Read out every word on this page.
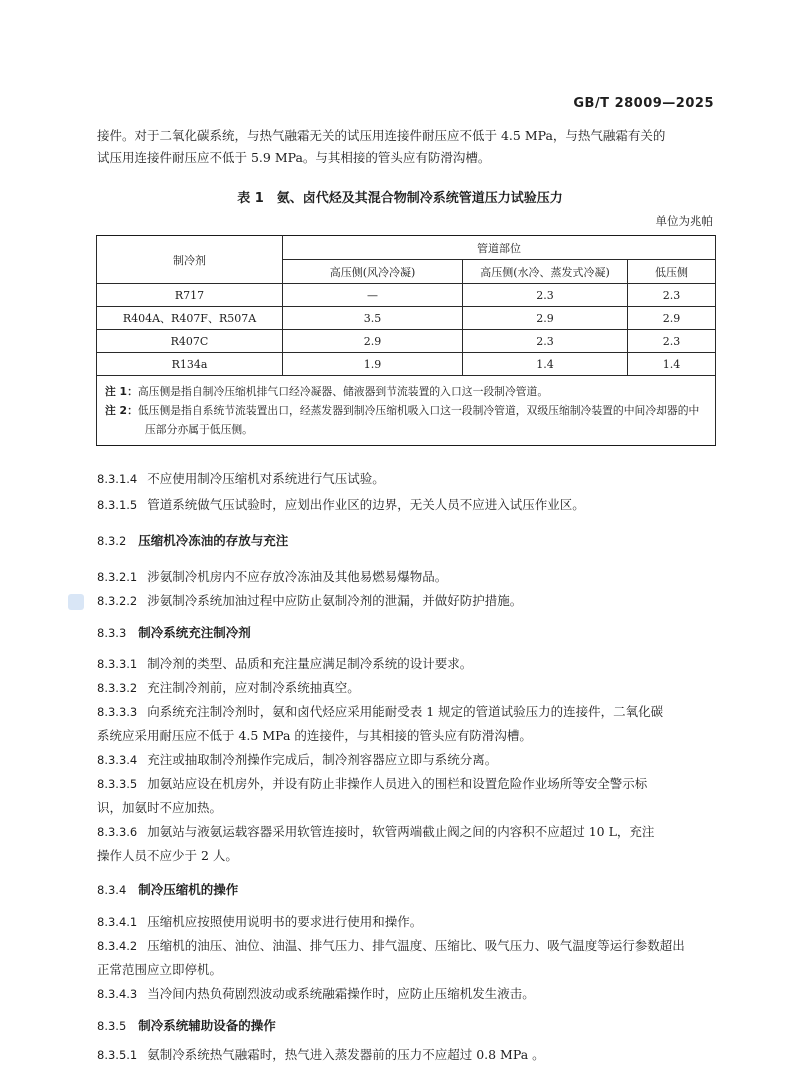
GB/T 28009—2025
接件。对于二氧化碳系统，与热气融霜无关的试压用连接件耐压应不低于 4.5 MPa，与热气融霜有关的
试压用连接件耐压应不低于 5.9 MPa。与其相接的管头应有防滑沟槽。
表 1　氨、卤代烃及其混合物制冷系统管道压力试验压力
单位为兆帕
制冷剂	管道部位		
	高压侧(风冷冷凝)	高压侧(水冷、蒸发式冷凝)	低压侧
R717	—	2.3	2.3
R404A、R407F、R507A	3.5	2.9	2.9
R407C	2.9	2.3	2.3
R134a	1.9	1.4	1.4

注 1：高压侧是指自制冷压缩机排气口经冷凝器、储液器到节流装置的入口这一段制冷管道。
注 2：低压侧是指自系统节流装置出口，经蒸发器到制冷压缩机吸入口这一段制冷管道，双级压缩制冷装置的中间冷却器的中压部分亦属于低压侧。			
8.3.1.4 不应使用制冷压缩机对系统进行气压试验。
8.3.1.5 管道系统做气压试验时，应划出作业区的边界，无关人员不应进入试压作业区。
8.3.2 压缩机冷冻油的存放与充注
8.3.2.1 涉氨制冷机房内不应存放冷冻油及其他易燃易爆物品。
8.3.2.2 涉氨制冷系统加油过程中应防止氨制冷剂的泄漏，并做好防护措施。
8.3.3 制冷系统充注制冷剂
8.3.3.1 制冷剂的类型、品质和充注量应满足制冷系统的设计要求。
8.3.3.2 充注制冷剂前，应对制冷系统抽真空。
8.3.3.3 向系统充注制冷剂时，氨和卤代烃应采用能耐受表 1 规定的管道试验压力的连接件，二氧化碳
系统应采用耐压应不低于 4.5 MPa 的连接件，与其相接的管头应有防滑沟槽。
8.3.3.4 充注或抽取制冷剂操作完成后，制冷剂容器应立即与系统分离。
8.3.3.5 加氨站应设在机房外，并设有防止非操作人员进入的围栏和设置危险作业场所等安全警示标
识，加氨时不应加热。
8.3.3.6 加氨站与液氨运载容器采用软管连接时，软管两端截止阀之间的内容积不应超过 10 L，充注
操作人员不应少于 2 人。
8.3.4 制冷压缩机的操作
8.3.4.1 压缩机应按照使用说明书的要求进行使用和操作。
8.3.4.2 压缩机的油压、油位、油温、排气压力、排气温度、压缩比、吸气压力、吸气温度等运行参数超出
正常范围应立即停机。
8.3.4.3 当冷间内热负荷剧烈波动或系统融霜操作时，应防止压缩机发生液击。
8.3.5 制冷系统辅助设备的操作
8.3.5.1 氨制冷系统热气融霜时，热气进入蒸发器前的压力不应超过 0.8 MPa 。
